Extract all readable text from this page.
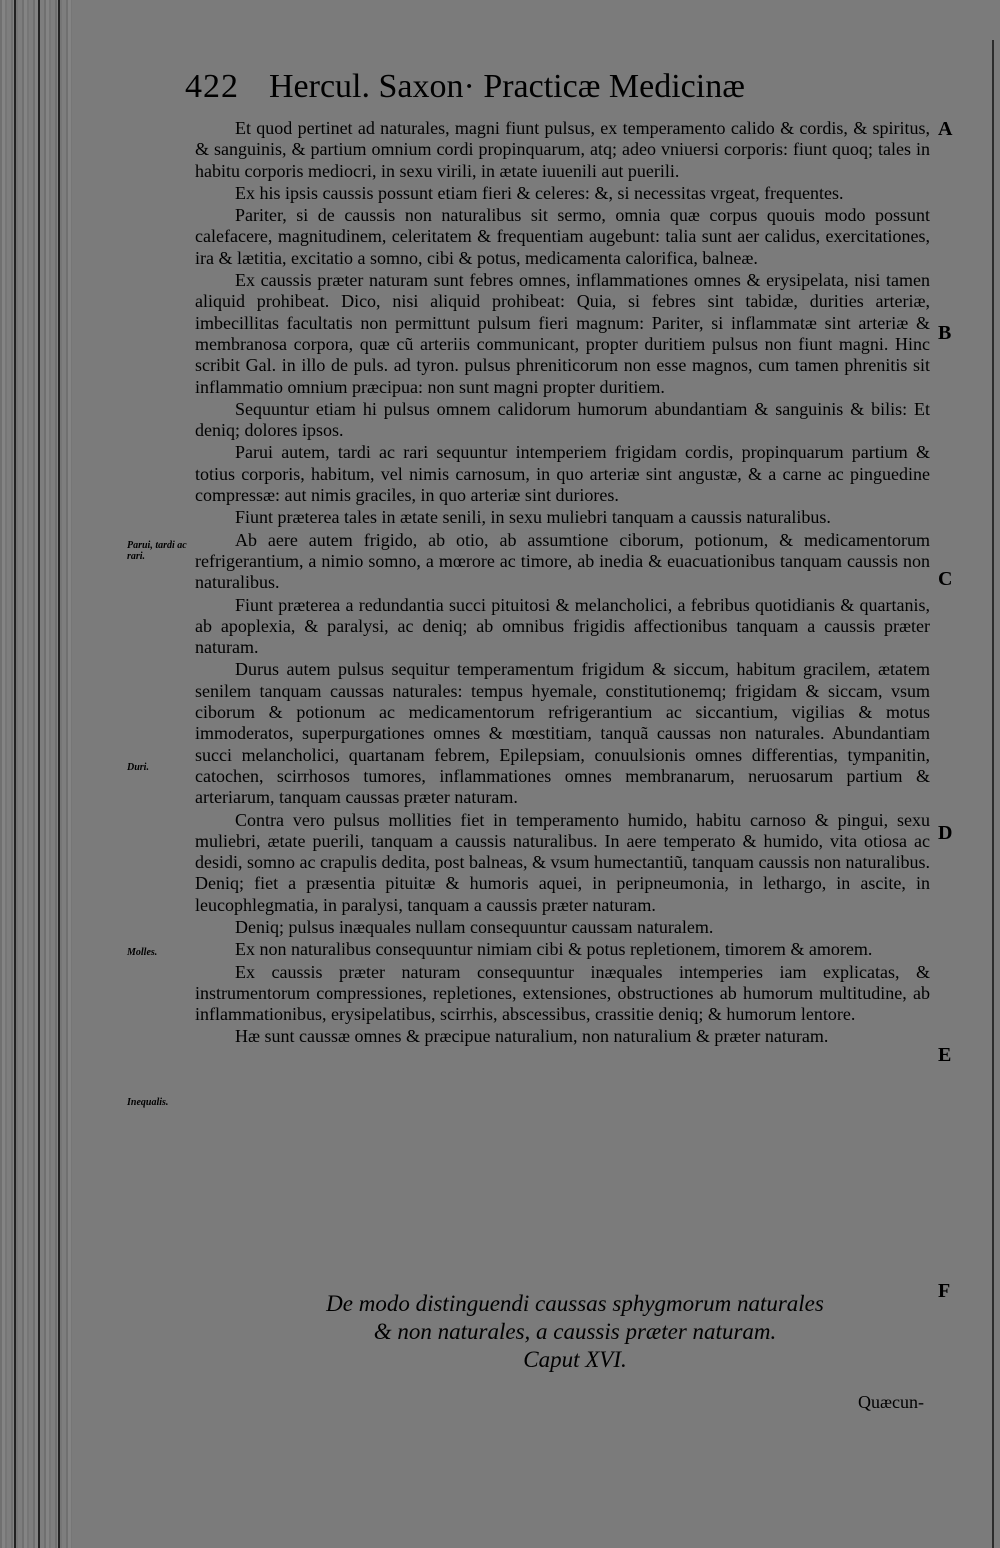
422 Hercul. Saxon· Practicæ Medicinæ

Et quod pertinet ad naturales, magni fiunt pulsus, ex temperamento calido & cordis, & spiritus, & sanguinis, & partium omnium cordi propinquarum, atq; adeo vniuersi corporis: fiunt quoq; tales in habitu corporis mediocri, in sexu virili, in ætate iuuenili aut puerili.

Ex his ipsis caussis possunt etiam fieri & celeres: &, si necessitas vrgeat, frequentes.

Pariter, si de caussis non naturalibus sit sermo, omnia quæ corpus quouis modo possunt calefacere, magnitudinem, celeritatem & frequentiam augebunt: talia sunt aer calidus, exercitationes, ira & lætitia, excitatio a somno, cibi & potus, medicamenta calorifica, balneæ.

Ex caussis præter naturam sunt febres omnes, inflammationes omnes & erysipelata, nisi tamen aliquid prohibeat. Dico, nisi aliquid prohibeat: Quia, si febres sint tabidæ, durities arteriæ, imbecillitas facultatis non permittunt pulsum fieri magnum: Pariter, si inflammatæ sint arteriæ & membranosa corpora, quæ cũ arteriis communicant, propter duritiem pulsus non fiunt magni. Hinc scribit Gal. in illo de puls. ad tyron. pulsus phreniticorum non esse magnos, cum tamen phrenitis sit inflammatio omnium præcipua: non sunt magni propter duritiem.

Sequuntur etiam hi pulsus omnem calidorum humorum abundantiam & sanguinis & bilis: Et deniq; dolores ipsos.

Parui autem, tardi ac rari sequuntur intemperiem frigidam cordis, propinquarum partium & totius corporis, habitum, vel nimis carnosum, in quo arteriæ sint angustæ, & a carne ac pinguedine compressæ: aut nimis graciles, in quo arteriæ sint duriores.

Fiunt præterea tales in ætate senili, in sexu muliebri tanquam a caussis naturalibus.

Ab aere autem frigido, ab otio, ab assumtione ciborum, potionum, & medicamentorum refrigerantium, a nimio somno, a mœrore ac timore, ab inedia & euacuationibus tanquam caussis non naturalibus.

Fiunt præterea a redundantia succi pituitosi & melancholici, a febribus quotidianis & quartanis, ab apoplexia, & paralysi, ac deniq; ab omnibus frigidis affectionibus tanquam a caussis præter naturam.

Durus autem pulsus sequitur temperamentum frigidum & siccum, habitum gracilem, ætatem senilem tanquam caussas naturales: tempus hyemale, constitutionemq; frigidam & siccam, vsum ciborum & potionum ac medicamentorum refrigerantium ac siccantium, vigilias & motus immoderatos, superpurgationes omnes & mœstitiam, tanquã caussas non naturales. Abundantiam succi melancholici, quartanam febrem, Epilepsiam, conuulsionis omnes differentias, tympanitin, catochen, scirrhosos tumores, inflammationes omnes membranarum, neruosarum partium & arteriarum, tanquam caussas præter naturam.

Contra vero pulsus mollities fiet in temperamento humido, habitu carnoso & pingui, sexu muliebri, ætate puerili, tanquam a caussis naturalibus. In aere temperato & humido, vita otiosa ac desidi, somno ac crapulis dedita, post balneas, & vsum humectantiũ, tanquam caussis non naturalibus. Deniq; fiet a præsentia pituitæ & humoris aquei, in peripneumonia, in lethargo, in ascite, in leucophlegmatia, in paralysi, tanquam a caussis præter naturam.

Deniq; pulsus inæquales nullam consequuntur caussam naturalem.

Ex non naturalibus consequuntur nimiam cibi & potus repletionem, timorem & amorem.

Ex caussis præter naturam consequuntur inæquales intemperies iam explicatas, & instrumentorum compressiones, repletiones, extensiones, obstructiones ab humorum multitudine, ab inflammationibus, erysipelatibus, scirrhis, abscessibus, crassitie deniq; & humorum lentore.

Hæ sunt caussæ omnes & præcipue naturalium, non naturalium & præter naturam.

Parui, tardi ac rari.
Duri.
Molles.
Inequalis.
A
B
C
D
E
F
De modo distinguendi caussas sphygmorum naturales
& non naturales, a caussis præter naturam.
Caput XVI.
Quæcun-
